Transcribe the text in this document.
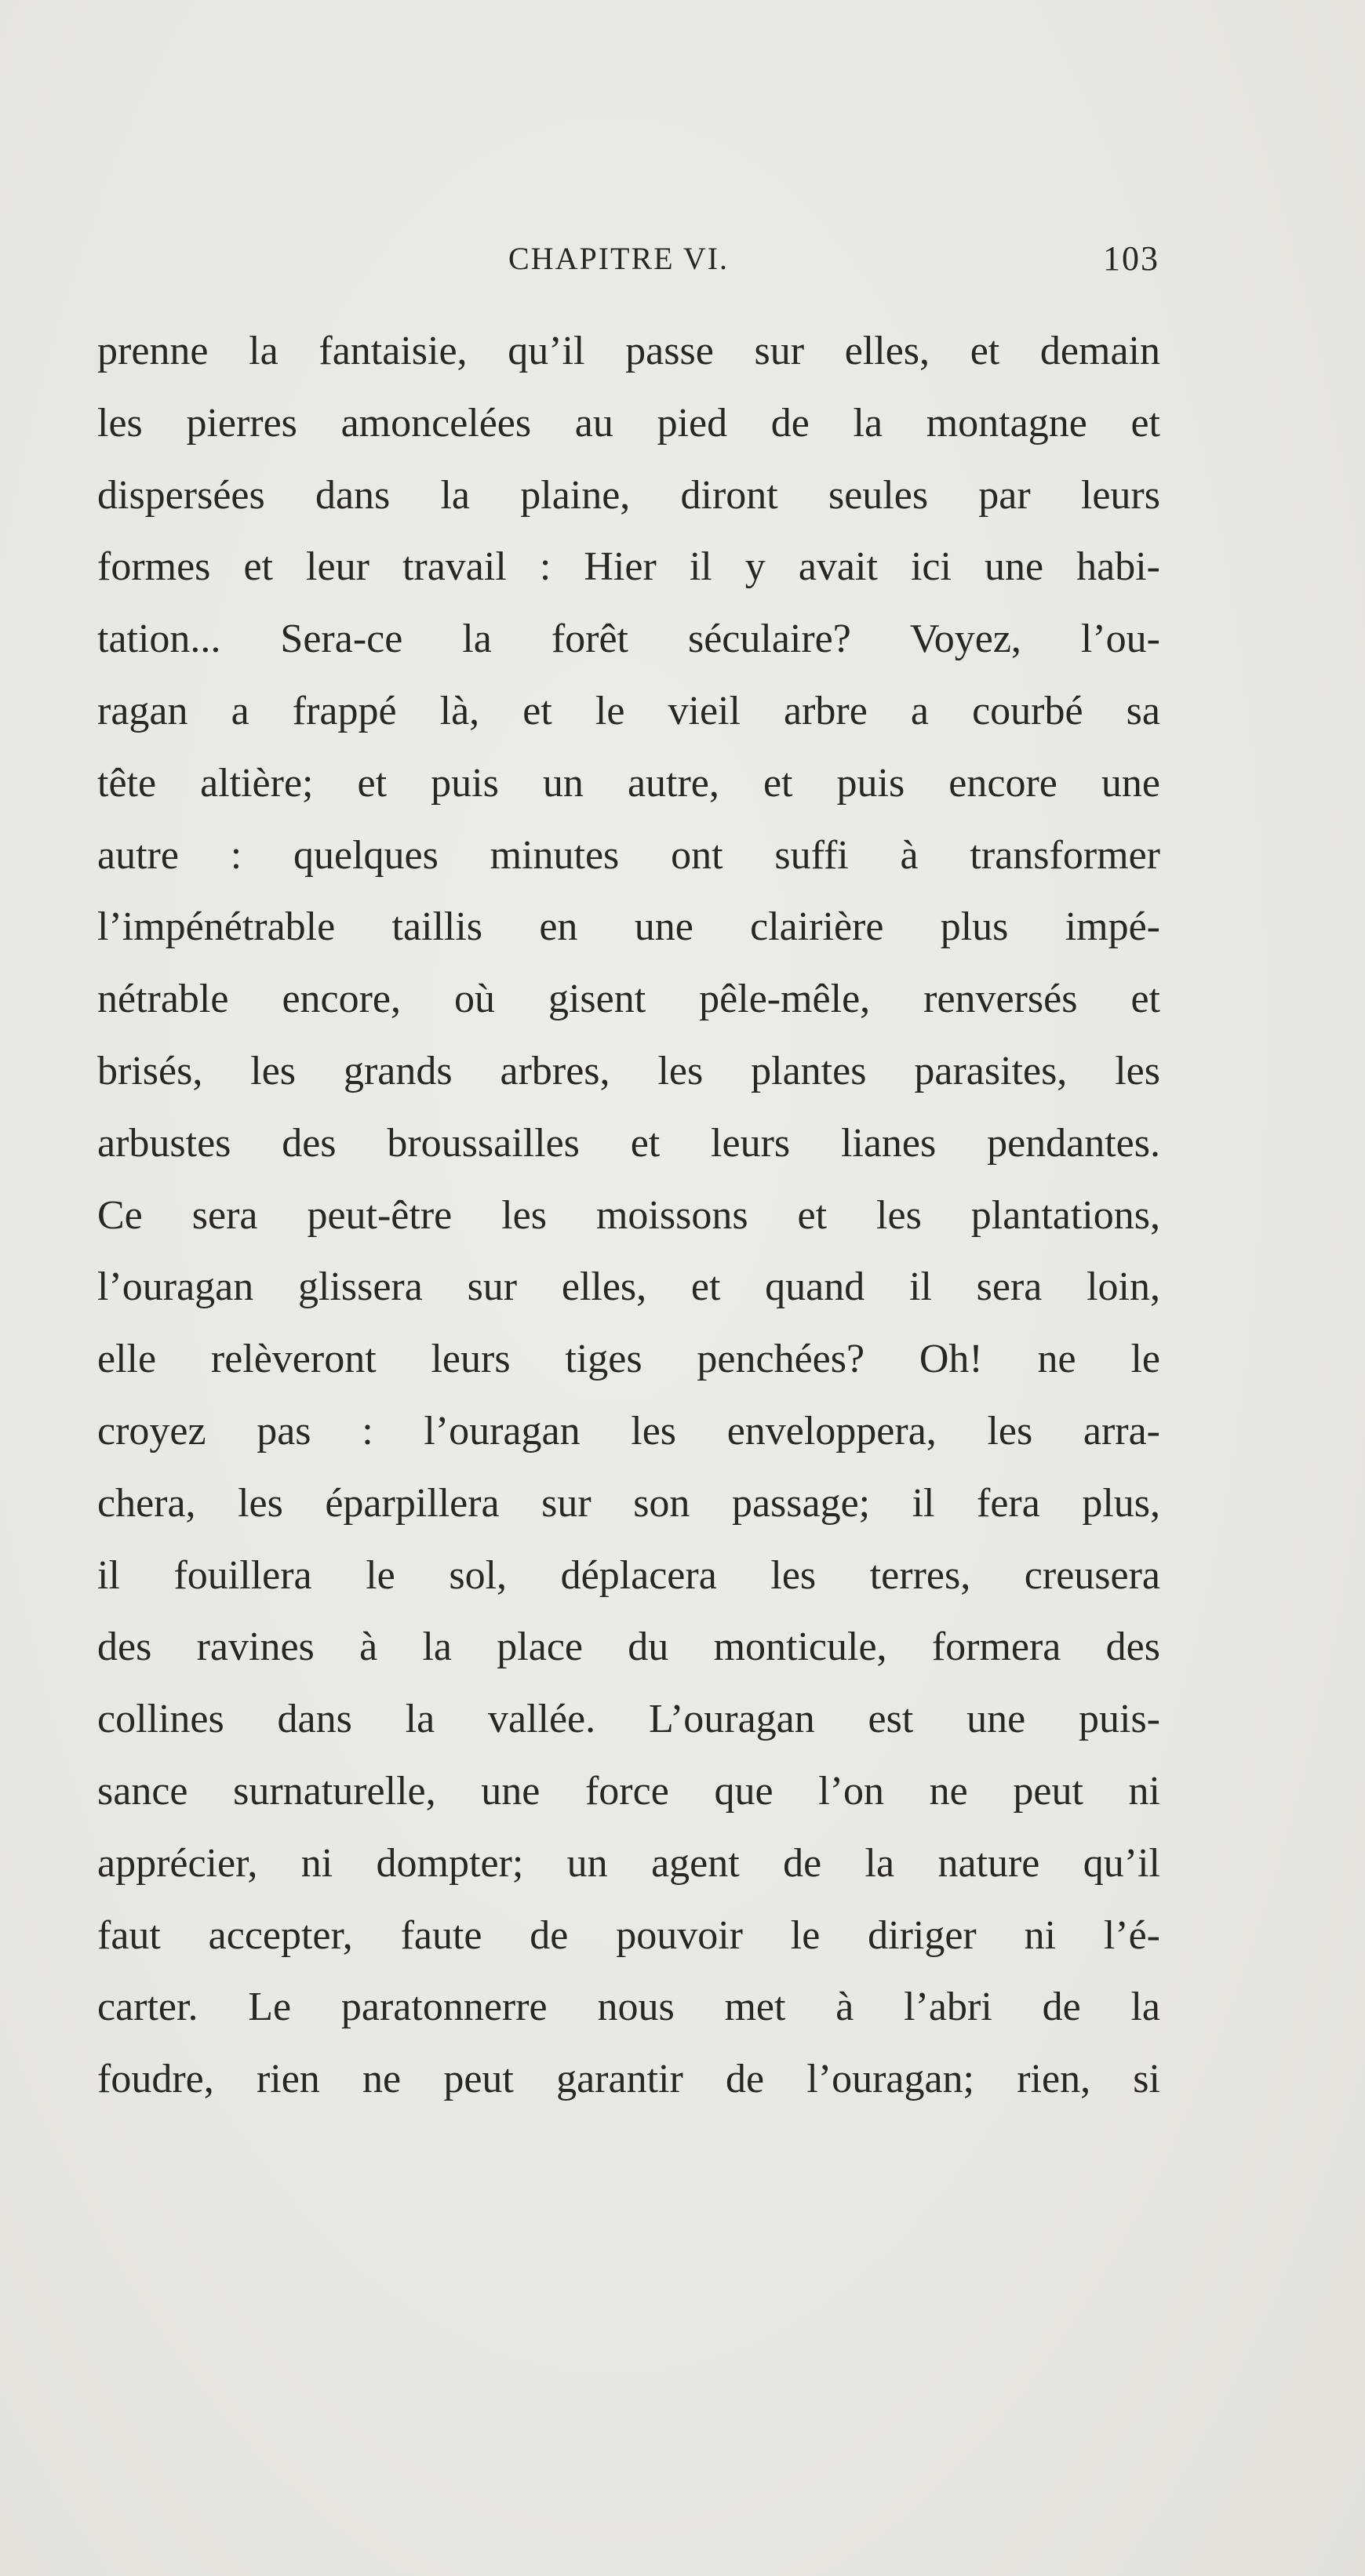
CHAPITRE VI.	103
prenne la fantaisie, qu’il passe sur elles, et demain
les pierres amoncelées au pied de la montagne et
dispersées dans la plaine, diront seules par leurs
formes et leur travail : Hier il y avait ici une habi-
tation... Sera-ce la forêt séculaire? Voyez, l’ou-
ragan a frappé là, et le vieil arbre a courbé sa
tête altière; et puis un autre, et puis encore une
autre : quelques minutes ont suffi à transformer
l’impénétrable taillis en une clairière plus impé-
nétrable encore, où gisent pêle-mêle, renversés et
brisés, les grands arbres, les plantes parasites, les
arbustes des broussailles et leurs lianes pendantes.
Ce sera peut-être les moissons et les plantations,
l’ouragan glissera sur elles, et quand il sera loin,
elle relèveront leurs tiges penchées? Oh! ne le
croyez pas : l’ouragan les enveloppera, les arra-
chera, les éparpillera sur son passage; il fera plus,
il fouillera le sol, déplacera les terres, creusera
des ravines à la place du monticule, formera des
collines dans la vallée. L’ouragan est une puis-
sance surnaturelle, une force que l’on ne peut ni
apprécier, ni dompter; un agent de la nature qu’il
faut accepter, faute de pouvoir le diriger ni l’é-
carter. Le paratonnerre nous met à l’abri de la
foudre, rien ne peut garantir de l’ouragan; rien, si
